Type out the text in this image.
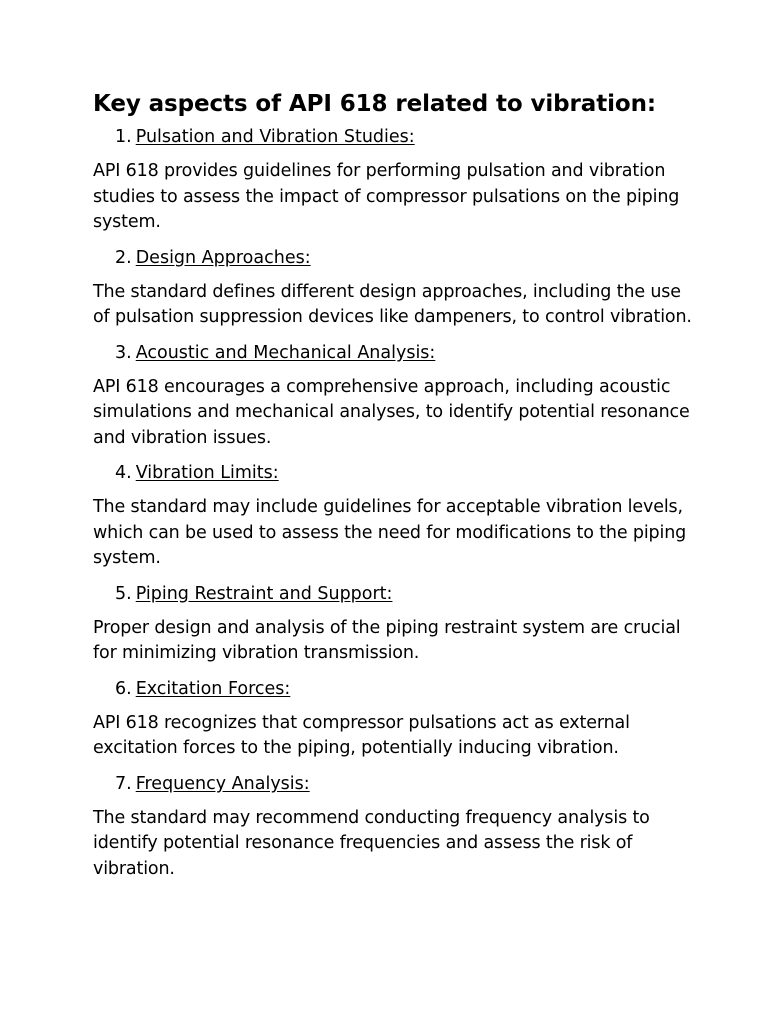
Key aspects of API 618 related to vibration:
1. Pulsation and Vibration Studies:

API 618 provides guidelines for performing pulsation and vibration studies to assess the impact of compressor pulsations on the piping system.

2. Design Approaches:

The standard defines different design approaches, including the use of pulsation suppression devices like dampeners, to control vibration.

3. Acoustic and Mechanical Analysis:

API 618 encourages a comprehensive approach, including acoustic simulations and mechanical analyses, to identify potential resonance and vibration issues.

4. Vibration Limits:

The standard may include guidelines for acceptable vibration levels, which can be used to assess the need for modifications to the piping system.

5. Piping Restraint and Support:

Proper design and analysis of the piping restraint system are crucial for minimizing vibration transmission.

6. Excitation Forces:

API 618 recognizes that compressor pulsations act as external excitation forces to the piping, potentially inducing vibration.

7. Frequency Analysis:

The standard may recommend conducting frequency analysis to identify potential resonance frequencies and assess the risk of vibration.
